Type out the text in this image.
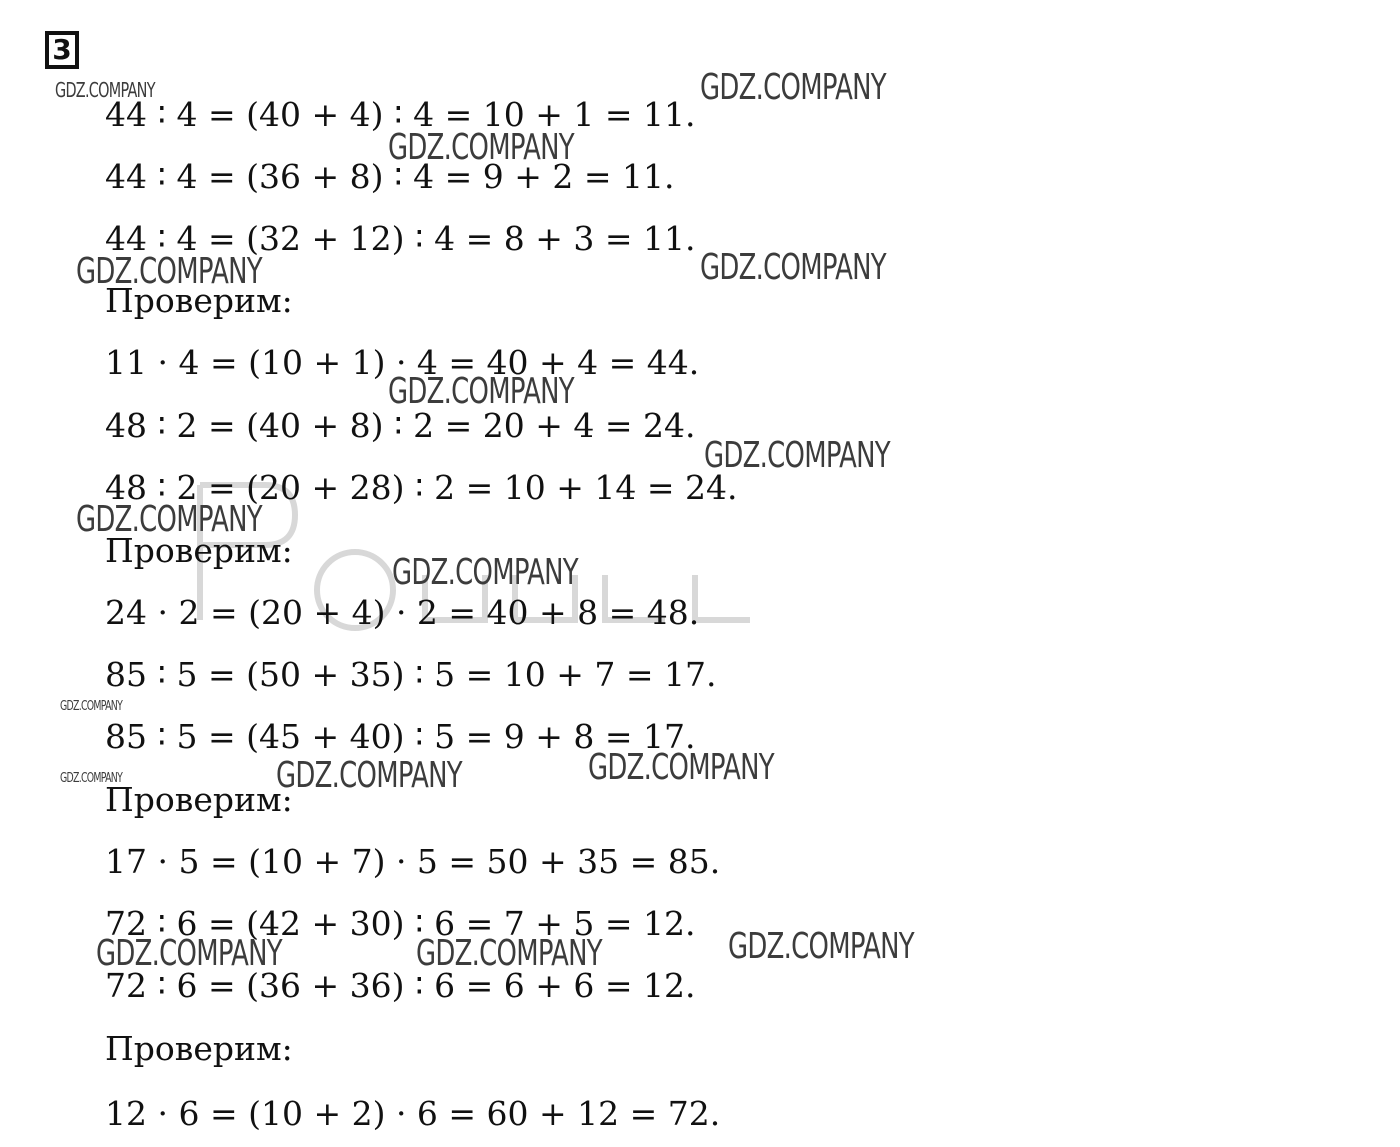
3
44 ∶ 4 = (40 + 4) ∶ 4 = 10 + 1 = 11.
44 ∶ 4 = (36 + 8) ∶ 4 = 9 + 2 = 11.
44 ∶ 4 = (32 + 12) ∶ 4 = 8 + 3 = 11.
Проверим:
11 · 4 = (10 + 1) · 4 = 40 + 4 = 44.
48 ∶ 2 = (40 + 8) ∶ 2 = 20 + 4 = 24.
48 ∶ 2 = (20 + 28) ∶ 2 = 10 + 14 = 24.
Проверим:
24 · 2 = (20 + 4) · 2 = 40 + 8 = 48.
85 ∶ 5 = (50 + 35) ∶ 5 = 10 + 7 = 17.
85 ∶ 5 = (45 + 40) ∶ 5 = 9 + 8 = 17.
Проверим:
17 · 5 = (10 + 7) · 5 = 50 + 35 = 85.
72 ∶ 6 = (42 + 30) ∶ 6 = 7 + 5 = 12.
72 ∶ 6 = (36 + 36) ∶ 6 = 6 + 6 = 12.
Проверим:
12 · 6 = (10 + 2) · 6 = 60 + 12 = 72.
GDZ.COMPANY	GDZ.COMPANY
GDZ.COMPANY
GDZ.COMPANY	GDZ.COMPANY
GDZ.COMPANY
GDZ.COMPANY
GDZ.COMPANY
GDZ.COMPANY
GDZ.COMPANY
GDZ.COMPANY	GDZ.COMPANY
GDZ.COMPANY
GDZ.COMPANY	GDZ.COMPANY	GDZ.COMPANY
